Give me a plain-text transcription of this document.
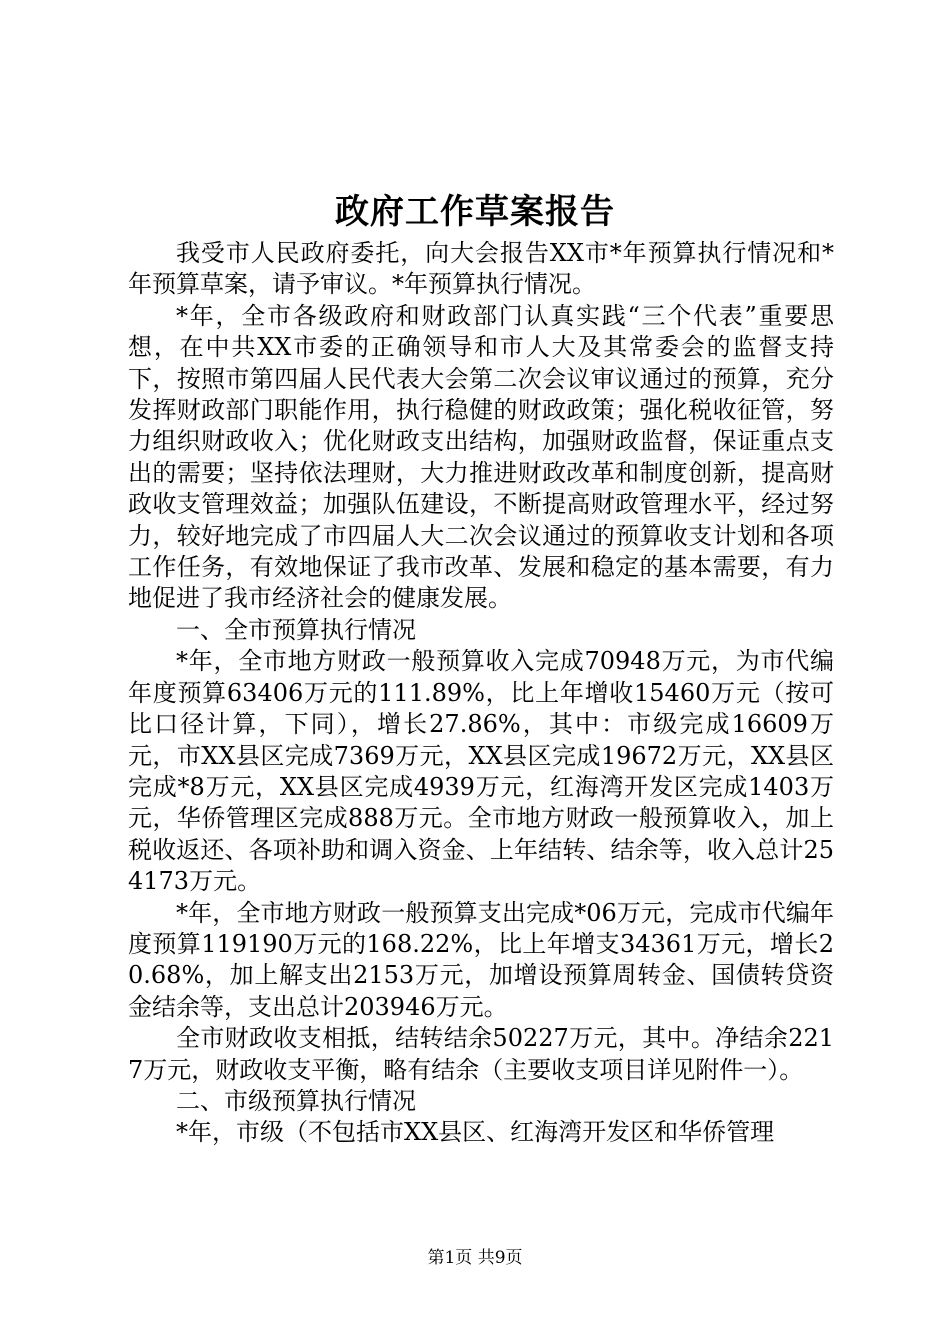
政府工作草案报告

我受市人民政府委托，向大会报告XX市*年预算执行情况和*年预算草案，请予审议。*年预算执行情况。

*年，全市各级政府和财政部门认真实践“三个代表”重要思想，在中共XX市委的正确领导和市人大及其常委会的监督支持下，按照市第四届人民代表大会第二次会议审议通过的预算，充分发挥财政部门职能作用，执行稳健的财政政策；强化税收征管，努力组织财政收入；优化财政支出结构，加强财政监督，保证重点支出的需要；坚持依法理财，大力推进财政改革和制度创新，提高财政收支管理效益；加强队伍建设，不断提高财政管理水平，经过努力，较好地完成了市四届人大二次会议通过的预算收支计划和各项工作任务，有效地保证了我市改革、发展和稳定的基本需要，有力地促进了我市经济社会的健康发展。

一、全市预算执行情况

*年，全市地方财政一般预算收入完成70948万元，为市代编年度预算63406万元的111.89%，比上年增收15460万元（按可比口径计算，下同），增长27.86%，其中：市级完成16609万元，市XX县区完成7369万元，XX县区完成19672万元，XX县区完成*8万元，XX县区完成4939万元，红海湾开发区完成1403万元，华侨管理区完成888万元。全市地方财政一般预算收入，加上税收返还、各项补助和调入资金、上年结转、结余等，收入总计254173万元。

*年，全市地方财政一般预算支出完成*06万元，完成市代编年度预算119190万元的168.22%，比上年增支34361万元，增长20.68%，加上解支出2153万元，加增设预算周转金、国债转贷资金结余等，支出总计203946万元。

全市财政收支相抵，结转结余50227万元，其中。净结余2217万元，财政收支平衡，略有结余（主要收支项目详见附件一）。

二、市级预算执行情况

*年，市级（不包括市XX县区、红海湾开发区和华侨管理

第1页 共9页
